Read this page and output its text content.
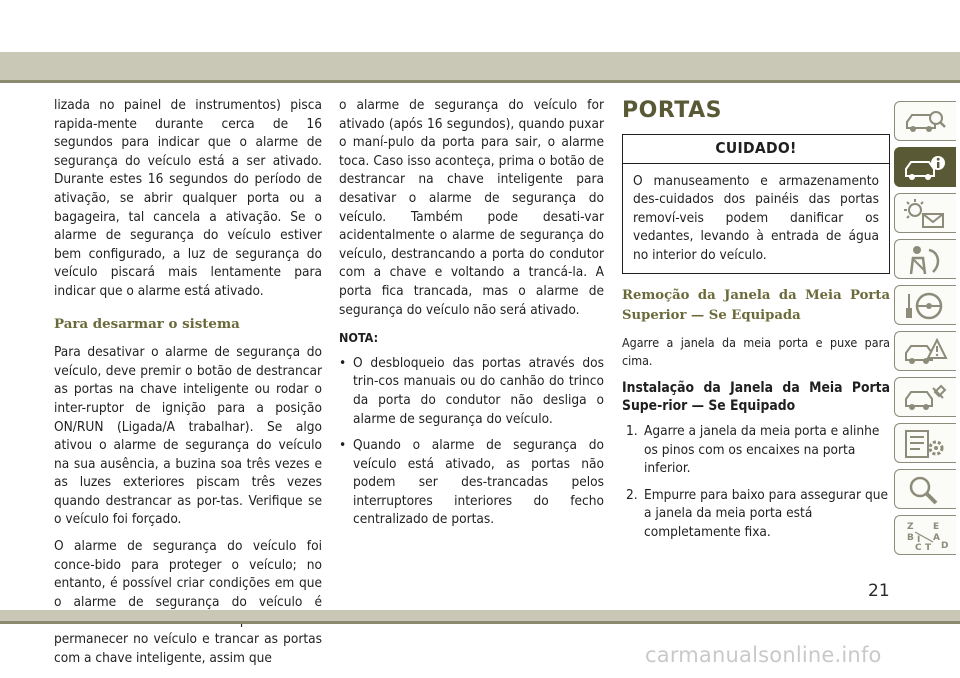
lizada no painel de instrumentos) pisca rapida-mente durante cerca de 16 segundos para indicar que o alarme de segurança do veículo está a ser ativado. Durante estes 16 segundos do período de ativação, se abrir qualquer porta ou a bagageira, tal cancela a ativação. Se o alarme de segurança do veículo estiver bem configurado, a luz de segurança do veículo piscará mais lentamente para indicar que o alarme está ativado.

Para desarmar o sistema

Para desativar o alarme de segurança do veículo, deve premir o botão de destrancar as portas na chave inteligente ou rodar o inter-ruptor de ignição para a posição ON/RUN (Ligada/A trabalhar). Se algo ativou o alarme de segurança do veículo na sua ausência, a buzina soa três vezes e as luzes exteriores piscam três vezes quando destrancar as por-tas. Verifique se o veículo foi forçado.

O alarme de segurança do veículo foi conce-bido para proteger o veículo; no entanto, é possível criar condições em que o alarme de segurança do veículo é permanecer no veículo e trancar as portas com a chave inteligente, assim que

o alarme de segurança do veículo for ativado (após 16 segundos), quando puxar o maní-pulo da porta para sair, o alarme toca. Caso isso aconteça, prima o botão de destrancar na chave inteligente para desativar o alarme de segurança do veículo. Também pode desati-var acidentalmente o alarme de segurança do veículo, destrancando a porta do condutor com a chave e voltando a trancá-la. A porta fica trancada, mas o alarme de segurança do veículo não será ativado.

NOTA:
• O desbloqueio das portas através dos trin-cos manuais ou do canhão do trinco da porta do condutor não desliga o alarme de segurança do veículo.
• Quando o alarme de segurança do veículo está ativado, as portas não podem ser des-trancadas pelos interruptores interiores do fecho centralizado de portas.
PORTAS
CUIDADO!
O manuseamento e armazenamento des-cuidados dos painéis das portas removí-veis podem danificar os vedantes, levando à entrada de água no interior do veículo.
Remoção da Janela da Meia Porta Superior — Se Equipada

Agarre a janela da meia porta e puxe para cima.

Instalação da Janela da Meia Porta Supe-rior — Se Equipado
1. Agarre a janela da meia porta e alinhe os pinos com os encaixes na porta inferior.
2. Empurre para baixo para assegurar que a janela da meia porta está completamente fixa.	Z E
B A
C D
I
T
21
carmanualsonline.info
